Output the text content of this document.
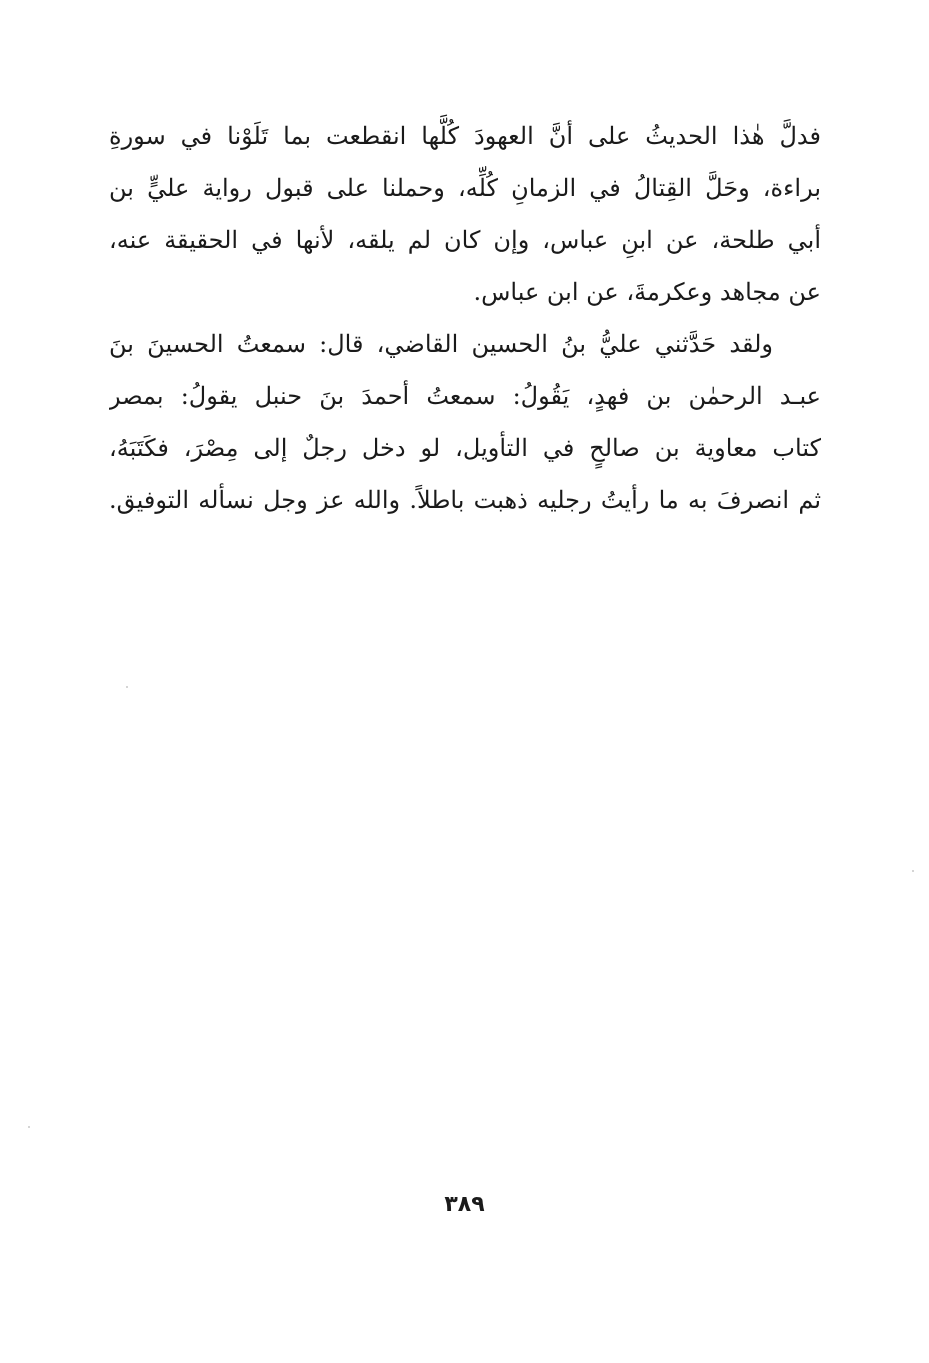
فدلَّ هٰذا الحديثُ على أنَّ العهودَ كُلَّها انقطعت بما تَلَوْنا في سورةِ
براءة، وحَلَّ القِتالُ في الزمانِ كُلِّه، وحملنا على قبول رواية عليٍّ بن
أبي طلحة، عن ابنِ عباس، وإن كان لم يلقه، لأنها في الحقيقة عنه،
عن مجاهد وعكرمةَ، عن ابن عباس.
ولقد حَدَّثني عليُّ بنُ الحسين القاضي، قال: سمعتُ الحسينَ بنَ
عبـد الرحمٰن بن فهدٍ، يَقُولُ: سمعتُ أحمدَ بنَ حنبل يقولُ: بمصر
كتاب معاوية بن صالحٍ في التأويل، لو دخل رجلٌ إلى مِصْرَ، فكَتَبَهُ،
ثم انصرفَ به ما رأيتُ رجليه ذهبت باطلاً. والله عز وجل نسأله التوفيق.
٣٨٩
